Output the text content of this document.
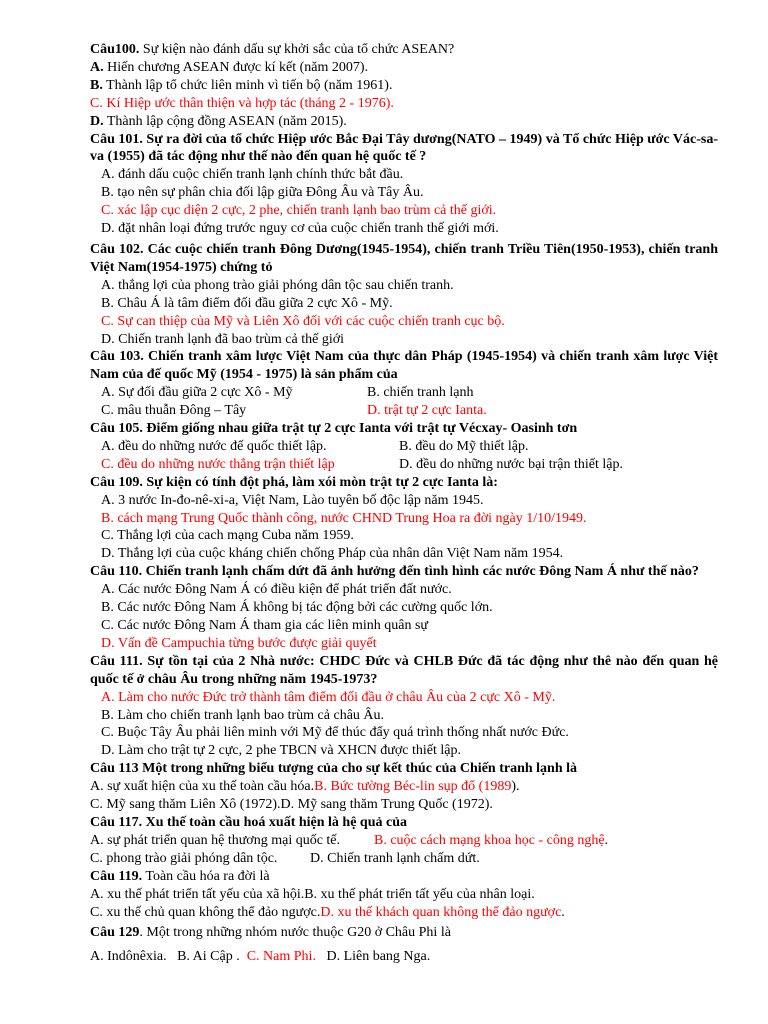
Câu100. Sự kiện nào đánh dấu sự khởi sắc của tổ chức ASEAN?
A. Hiến chương ASEAN được kí kết (năm 2007).
B. Thành lập tổ chức liên minh vì tiến bộ (năm 1961).
C. Kí Hiệp ước thân thiện và hợp tác (tháng 2 - 1976).
D. Thành lập cộng đồng ASEAN (năm 2015).
Câu 101. Sự ra đời của tổ chức Hiệp ước Bắc Đại Tây dương(NATO – 1949) và Tổ chức Hiệp ước Vác-sa-va (1955) đã tác động như thế nào đến quan hệ quốc tế ?
A. đánh dấu cuộc chiến tranh lạnh chính thức bắt đầu.
B. tạo nên sự phân chia đối lập giữa Đông Âu và Tây Âu.
C. xác lập cục diện 2 cực, 2 phe, chiến tranh lạnh bao trùm cả thế giới.
D. đặt nhân loại đứng trước nguy cơ của cuộc chiến tranh thế giới mới.
Câu 102. Các cuộc chiến tranh Đông Dương(1945-1954), chiến tranh Triều Tiên(1950-1953), chiến tranh Việt Nam(1954-1975) chứng tỏ
A. thắng lợi của phong trào giải phóng dân tộc sau chiến tranh.
B. Châu Á là tâm điểm đối đầu giữa 2 cực Xô - Mỹ.
C. Sự can thiệp của Mỹ và Liên Xô đối với các cuộc chiến tranh cục bộ.
D. Chiến tranh lạnh đã bao trùm cả thế giới
Câu 103. Chiến tranh xâm lược Việt Nam của thực dân Pháp (1945-1954) và chiến tranh xâm lược Việt Nam của đế quốc Mỹ (1954 - 1975) là sản phẩm của
A. Sự đối đầu giữa 2 cực Xô - Mỹ	B. chiến tranh lạnh
C. mâu thuẫn Đông – Tây	D. trật tự 2 cực Ianta.
Câu 105. Điểm giống nhau giữa trật tự 2 cực Ianta với trật tự Vécxay- Oasinh tơn
A. đều do những nước đế quốc thiết lập.	B. đều do Mỹ thiết lập.
C. đều do những nước thắng trận thiết lập	D. đều do những nước bại trận thiết lập.
Câu 109. Sự kiện có tính đột phá, làm xói mòn trật tự 2 cực Ianta là:
A. 3 nước In-đo-nê-xi-a, Việt Nam, Lào tuyên bố độc lập năm 1945.
B. cách mạng Trung Quốc thành công, nước CHND Trung Hoa ra đời ngày 1/10/1949.
C. Thắng lợi của cach mạng Cuba năm 1959.
D. Thắng lợi của cuộc kháng chiến chống Pháp của nhân dân Việt Nam năm 1954.
Câu 110. Chiến tranh lạnh chấm dứt đã ảnh hưởng đến tình hình các nước Đông Nam Á như thế nào?
A. Các nước Đông Nam Á có điều kiện để phát triển đất nước.
B. Các nước Đông Nam Á không bị tác động bởi các cường quốc lớn.
C. Các nước Đông Nam Á tham gia các liên minh quân sự
D. Vấn đề Campuchia từng bước được giải quyết
Câu 111. Sự tồn tại của 2 Nhà nước: CHDC Đức và CHLB Đức đã tác động như thê nào đến quan hệ quốc tế ở châu Âu trong những năm 1945-1973?
A. Làm cho nước Đức trở thành tâm điểm đối đầu ở châu Âu của 2 cực Xô - Mỹ.
B. Làm cho chiến tranh lạnh bao trùm cả châu Âu.
C. Buộc Tây Âu phải liên minh với Mỹ để thúc đẩy quá trình thống nhất nước Đức.
D. Làm cho trật tự 2 cực, 2 phe TBCN và XHCN được thiết lập.
Câu 113 Một trong những biểu tượng của cho sự kết thúc của Chiến tranh lạnh là
A. sự xuất hiện của xu thế toàn cầu hóa.B. Bức tường Béc-lin sụp đổ (1989).
C. Mỹ sang thăm Liên Xô (1972).D. Mỹ sang thăm Trung Quốc (1972).
Câu 117. Xu thế toàn cầu hoá xuất hiện là hệ quả của
A. sự phát triển quan hệ thương mại quốc tế.	B. cuộc cách mạng khoa học - công nghệ .
C. phong trào giải phóng dân tộc.	D. Chiến tranh lạnh chấm dứt.
Câu 119. Toàn cầu hóa ra đời là
A. xu thế phát triển tất yếu của xã hội.B. xu thế phát triển tất yếu của nhân loại.
C. xu thế chủ quan không thể đảo ngược.D. xu thế khách quan không thể đảo ngược.
Câu 129. Một trong những nhóm nước thuộc G20 ở Châu Phi là
A. Indônêxia. B. Ai Cập . C. Nam Phi. D. Liên bang Nga.
